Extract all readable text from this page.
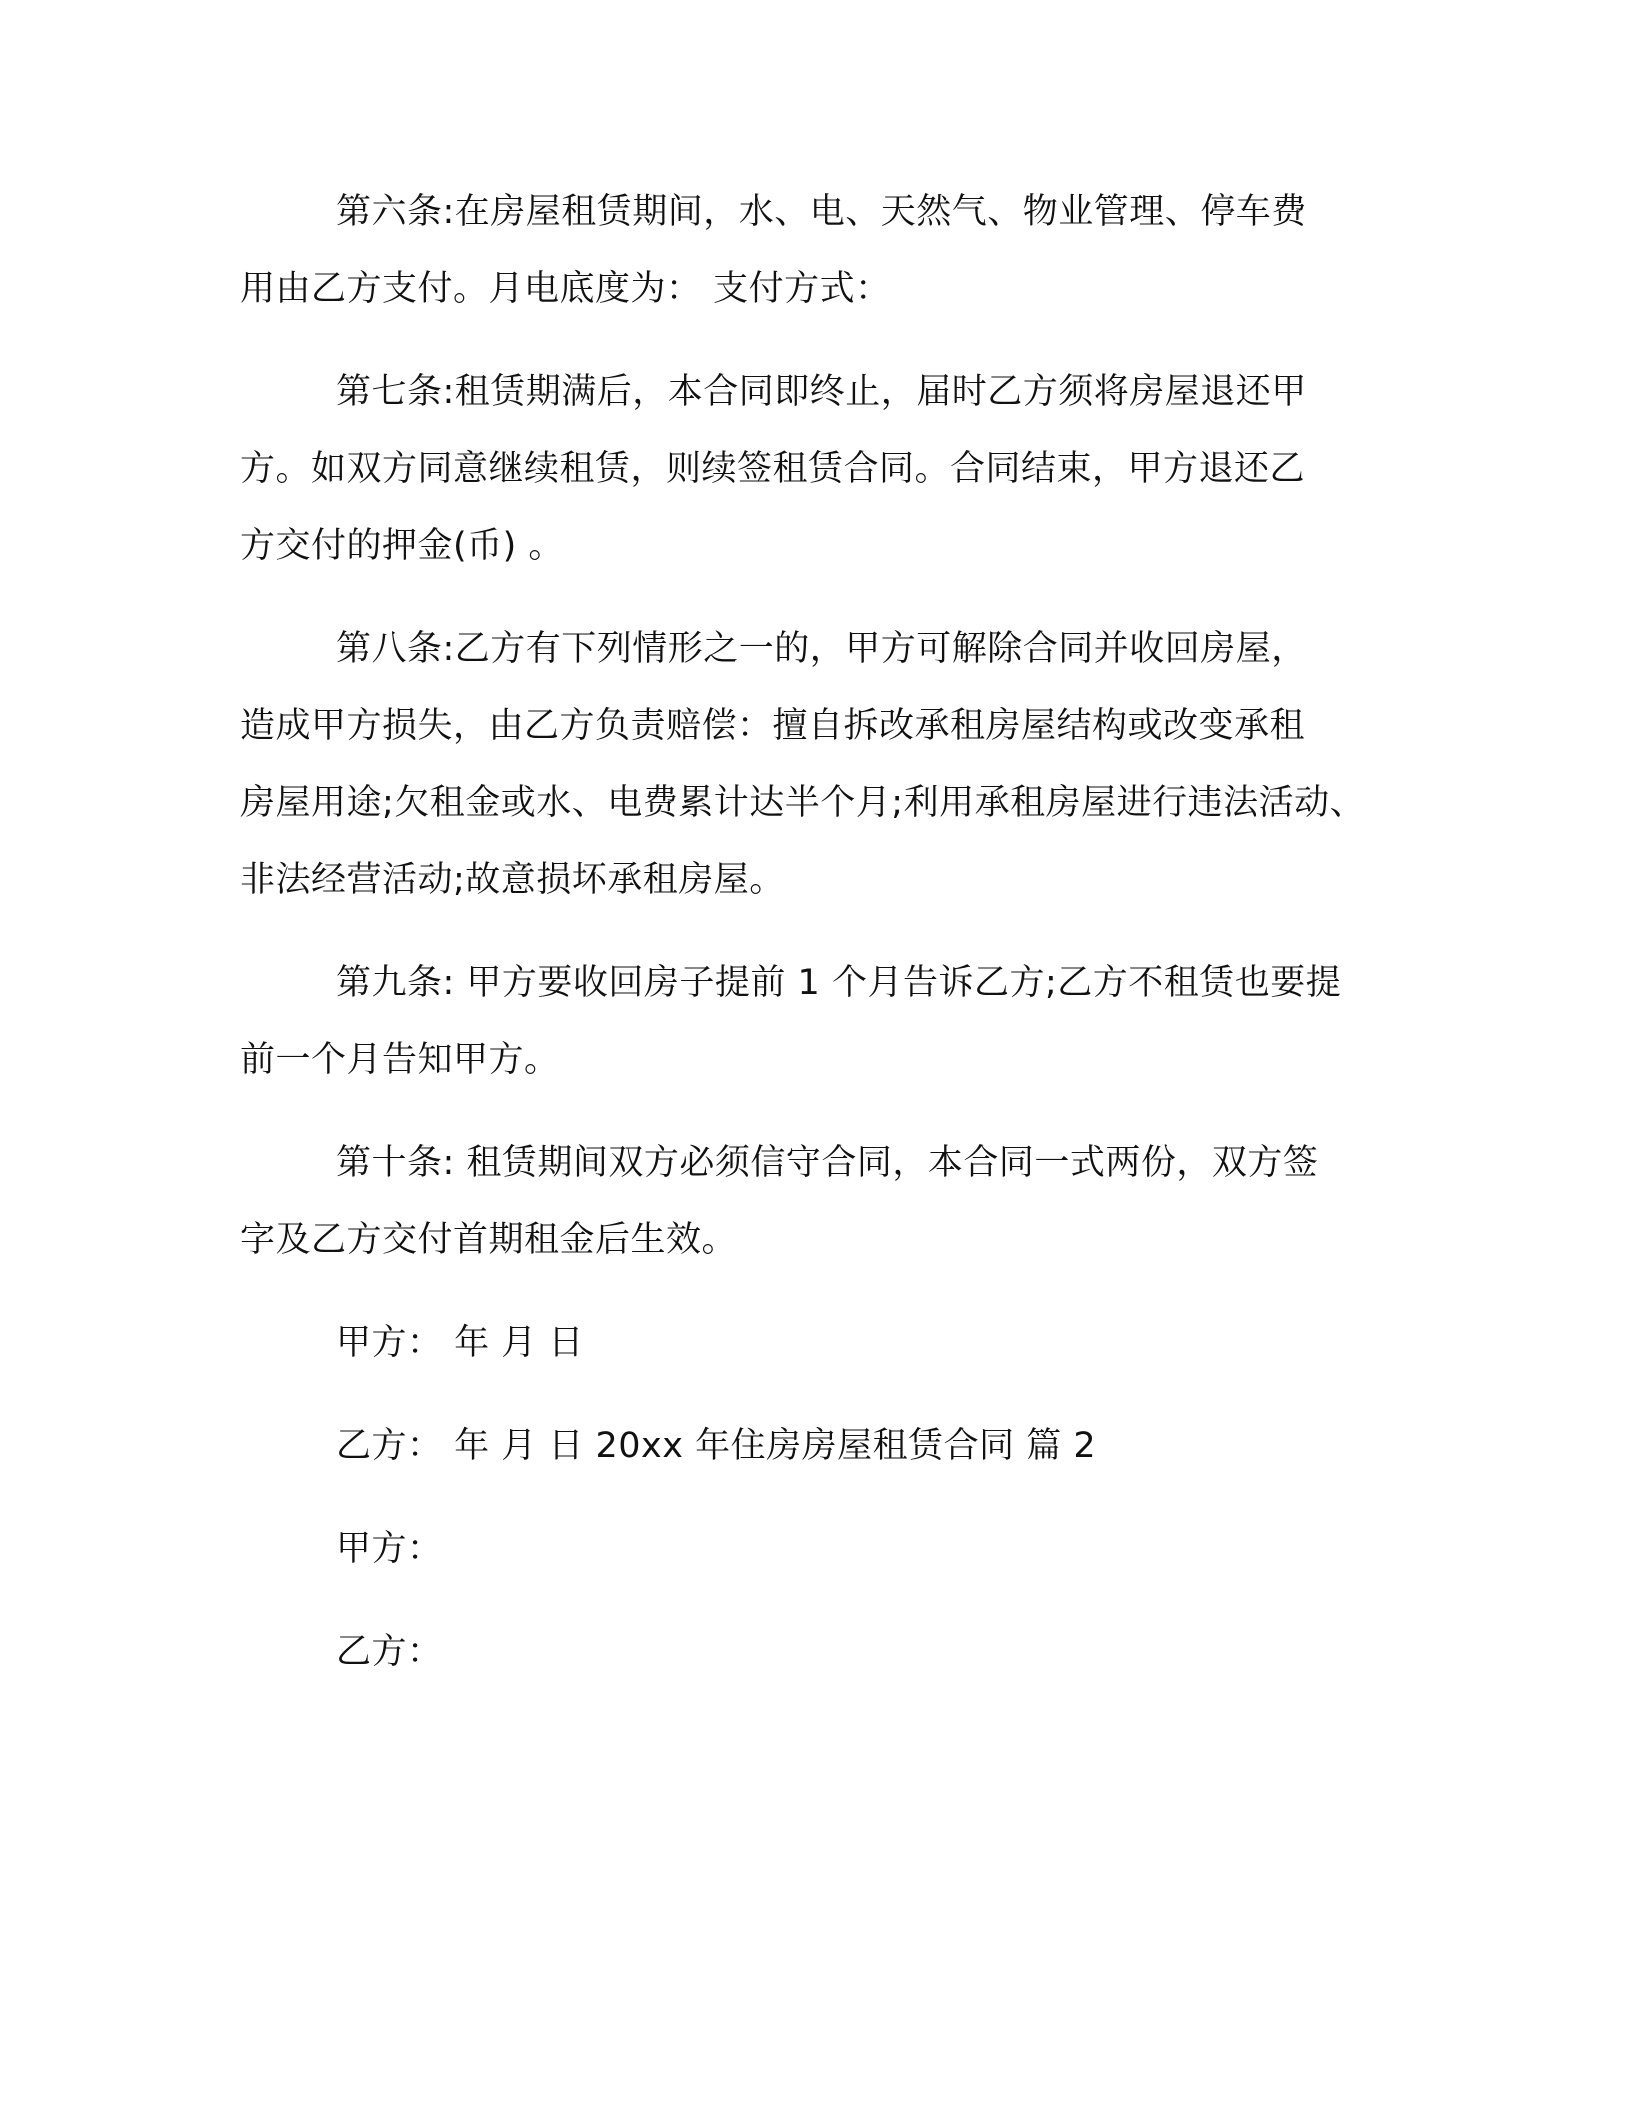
第六条:在房屋租赁期间，水、电、天然气、物业管理、停车费
用由乙方支付。月电底度为： 支付方式：
第七条:租赁期满后，本合同即终止，届时乙方须将房屋退还甲
方。如双方同意继续租赁，则续签租赁合同。合同结束，甲方退还乙
方交付的押金(币) 。
第八条:乙方有下列情形之一的，甲方可解除合同并收回房屋，
造成甲方损失，由乙方负责赔偿：擅自拆改承租房屋结构或改变承租
房屋用途;欠租金或水、电费累计达半个月;利用承租房屋进行违法活动、
非法经营活动;故意损坏承租房屋。
第九条: 甲方要收回房子提前 1 个月告诉乙方;乙方不租赁也要提
前一个月告知甲方。
第十条: 租赁期间双方必须信守合同，本合同一式两份，双方签
字及乙方交付首期租金后生效。
甲方： 年 月 日
乙方： 年 月 日 20xx 年住房房屋租赁合同 篇 2
甲方：
乙方：
